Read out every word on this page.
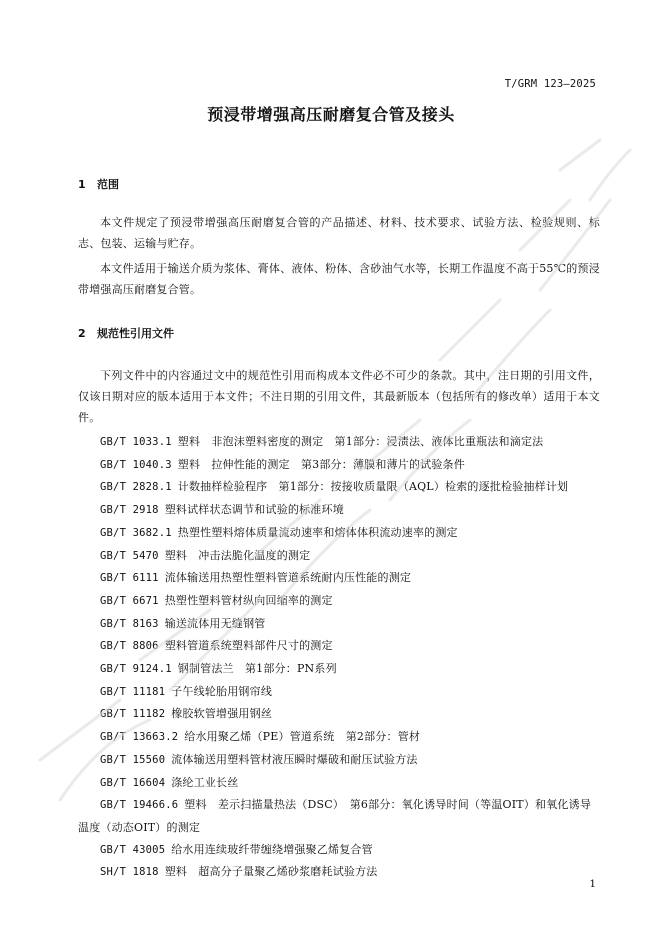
T/GRM 123—2025
预浸带增强高压耐磨复合管及接头
1 范围

本文件规定了预浸带增强高压耐磨复合管的产品描述、材料、技术要求、试验方法、检验规则、标志、包装、运输与贮存。

本文件适用于输送介质为浆体、膏体、液体、粉体、含砂油气水等，长期工作温度不高于55℃的预浸带增强高压耐磨复合管。

2 规范性引用文件

下列文件中的内容通过文中的规范性引用而构成本文件必不可少的条款。其中，注日期的引用文件，仅该日期对应的版本适用于本文件；不注日期的引用文件，其最新版本（包括所有的修改单）适用于本文件。

GB/T 1033.1 塑料　非泡沫塑料密度的测定　第1部分：浸渍法、液体比重瓶法和滴定法
GB/T 1040.3 塑料　拉伸性能的测定　第3部分：薄膜和薄片的试验条件
GB/T 2828.1 计数抽样检验程序　第1部分：按接收质量限（AQL）检索的逐批检验抽样计划
GB/T 2918 塑料试样状态调节和试验的标准环境
GB/T 3682.1 热塑性塑料熔体质量流动速率和熔体体积流动速率的测定
GB/T 5470 塑料　冲击法脆化温度的测定
GB/T 6111 流体输送用热塑性塑料管道系统耐内压性能的测定
GB/T 6671 热塑性塑料管材纵向回缩率的测定
GB/T 8163 输送流体用无缝钢管
GB/T 8806 塑料管道系统塑料部件尺寸的测定
GB/T 9124.1 钢制管法兰　第1部分：PN系列
GB/T 11181 子午线轮胎用钢帘线
GB/T 11182 橡胶软管增强用钢丝
GB/T 13663.2 给水用聚乙烯（PE）管道系统　第2部分：管材
GB/T 15560 流体输送用塑料管材液压瞬时爆破和耐压试验方法
GB/T 16604 涤纶工业长丝
GB/T 19466.6 塑料　差示扫描量热法（DSC）　第6部分：氧化诱导时间（等温OIT）和氧化诱导温度（动态OIT）的测定
GB/T 43005 给水用连续玻纤带缠绕增强聚乙烯复合管
SH/T 1818 塑料　超高分子量聚乙烯砂浆磨耗试验方法
1
